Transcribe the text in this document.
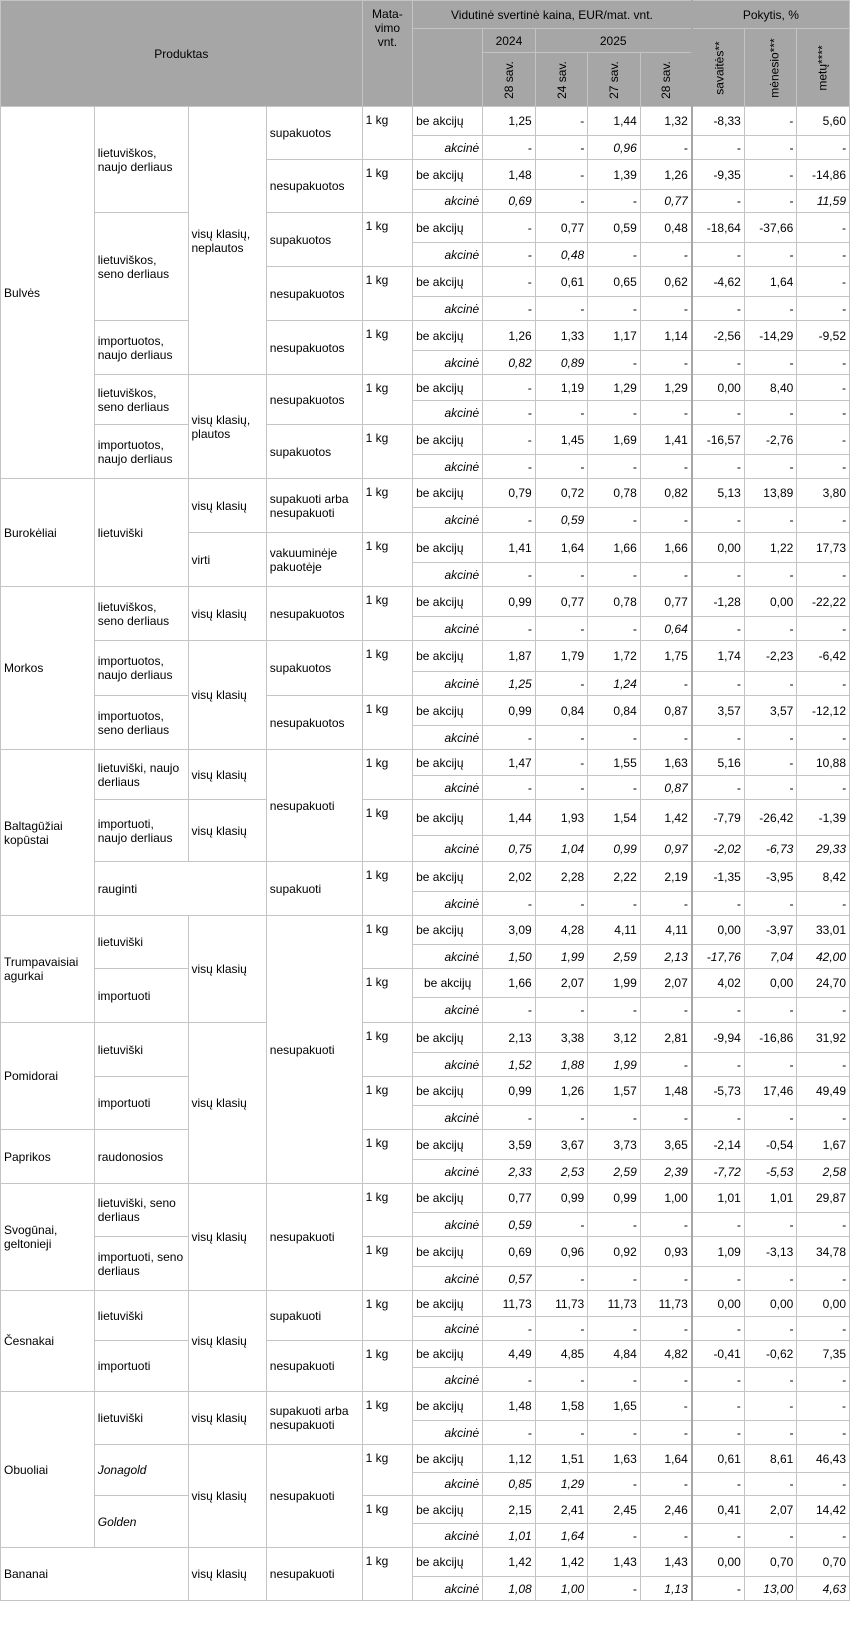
Produktas				Mata-vimo vnt.	Vidutinė svertinė kaina, EUR/mat. vnt.					Pokytis, %		
						2024	2025			savaitės**	mėnesio***	metų****
						28 sav.	24 sav.	27 sav.	28 sav.			
Bulvės	lietuviškos, naujo derliaus	visų klasių, neplautos	supakuotos	1 kg	be akcijų	1,25	-	1,44	1,32	-8,33	-	5,60
					akcinė	-	-	0,96	-	-	-	-
			nesupakuotos	1 kg	be akcijų	1,48	-	1,39	1,26	-9,35	-	-14,86
					akcinė	0,69	-	-	0,77	-	-	11,59
	lietuviškos, seno derliaus		supakuotos	1 kg	be akcijų	-	0,77	0,59	0,48	-18,64	-37,66	-
					akcinė	-	0,48	-	-	-	-	-
			nesupakuotos	1 kg	be akcijų	-	0,61	0,65	0,62	-4,62	1,64	-
					akcinė	-	-	-	-	-	-	-
	importuotos, naujo derliaus		nesupakuotos	1 kg	be akcijų	1,26	1,33	1,17	1,14	-2,56	-14,29	-9,52
					akcinė	0,82	0,89	-	-	-	-	-
	lietuviškos, seno derliaus	visų klasių, plautos	nesupakuotos	1 kg	be akcijų	-	1,19	1,29	1,29	0,00	8,40	-
					akcinė	-	-	-	-	-	-	-
	importuotos, naujo derliaus		supakuotos	1 kg	be akcijų	-	1,45	1,69	1,41	-16,57	-2,76	-
					akcinė	-	-	-	-	-	-	-
Burokėliai	lietuviški	visų klasių	supakuoti arba nesupakuoti	1 kg	be akcijų	0,79	0,72	0,78	0,82	5,13	13,89	3,80
					akcinė	-	0,59	-	-	-	-	-
		virti	vakuuminėje pakuotėje	1 kg	be akcijų	1,41	1,64	1,66	1,66	0,00	1,22	17,73
					akcinė	-	-	-	-	-	-	-
Morkos	lietuviškos, seno derliaus	visų klasių	nesupakuotos	1 kg	be akcijų	0,99	0,77	0,78	0,77	-1,28	0,00	-22,22
					akcinė	-	-	-	0,64	-	-	-
	importuotos, naujo derliaus	visų klasių	supakuotos	1 kg	be akcijų	1,87	1,79	1,72	1,75	1,74	-2,23	-6,42
					akcinė	1,25	-	1,24	-	-	-	-
	importuotos, seno derliaus		nesupakuotos	1 kg	be akcijų	0,99	0,84	0,84	0,87	3,57	3,57	-12,12
					akcinė	-	-	-	-	-	-	-
Baltagūžiai kopūstai	lietuviški, naujo derliaus	visų klasių	nesupakuoti	1 kg	be akcijų	1,47	-	1,55	1,63	5,16	-	10,88
					akcinė	-	-	-	0,87	-	-	-
	importuoti, naujo derliaus	visų klasių		1 kg	be akcijų	1,44	1,93	1,54	1,42	-7,79	-26,42	-1,39
					akcinė	0,75	1,04	0,99	0,97	-2,02	-6,73	29,33
	rauginti		supakuoti	1 kg	be akcijų	2,02	2,28	2,22	2,19	-1,35	-3,95	8,42
					akcinė	-	-	-	-	-	-	-
Trumpavaisiai agurkai	lietuviški	visų klasių	nesupakuoti	1 kg	be akcijų	3,09	4,28	4,11	4,11	0,00	-3,97	33,01
					akcinė	1,50	1,99	2,59	2,13	-17,76	7,04	42,00
	importuoti			1 kg	be akcijų	1,66	2,07	1,99	2,07	4,02	0,00	24,70
					akcinė	-	-	-	-	-	-	-
Pomidorai	lietuviški	visų klasių		1 kg	be akcijų	2,13	3,38	3,12	2,81	-9,94	-16,86	31,92
					akcinė	1,52	1,88	1,99	-	-	-	-
	importuoti			1 kg	be akcijų	0,99	1,26	1,57	1,48	-5,73	17,46	49,49
					akcinė	-	-	-	-	-	-	-
Paprikos	raudonosios			1 kg	be akcijų	3,59	3,67	3,73	3,65	-2,14	-0,54	1,67
					akcinė	2,33	2,53	2,59	2,39	-7,72	-5,53	2,58
Svogūnai, geltonieji	lietuviški, seno derliaus	visų klasių	nesupakuoti	1 kg	be akcijų	0,77	0,99	0,99	1,00	1,01	1,01	29,87
					akcinė	0,59	-	-	-	-	-	-
	importuoti, seno derliaus			1 kg	be akcijų	0,69	0,96	0,92	0,93	1,09	-3,13	34,78
					akcinė	0,57	-	-	-	-	-	-
Česnakai	lietuviški	visų klasių	supakuoti	1 kg	be akcijų	11,73	11,73	11,73	11,73	0,00	0,00	0,00
					akcinė	-	-	-	-	-	-	-
	importuoti		nesupakuoti	1 kg	be akcijų	4,49	4,85	4,84	4,82	-0,41	-0,62	7,35
					akcinė	-	-	-	-	-	-	-
Obuoliai	lietuviški	visų klasių	supakuoti arba nesupakuoti	1 kg	be akcijų	1,48	1,58	1,65	-	-	-	-
					akcinė	-	-	-	-	-	-	-
	Jonagold	visų klasių	nesupakuoti	1 kg	be akcijų	1,12	1,51	1,63	1,64	0,61	8,61	46,43
					akcinė	0,85	1,29	-	-	-	-	-
	Golden			1 kg	be akcijų	2,15	2,41	2,45	2,46	0,41	2,07	14,42
					akcinė	1,01	1,64	-	-	-	-	-
Bananai		visų klasių	nesupakuoti	1 kg	be akcijų	1,42	1,42	1,43	1,43	0,00	0,70	0,70
					akcinė	1,08	1,00	-	1,13	-	13,00	4,63
